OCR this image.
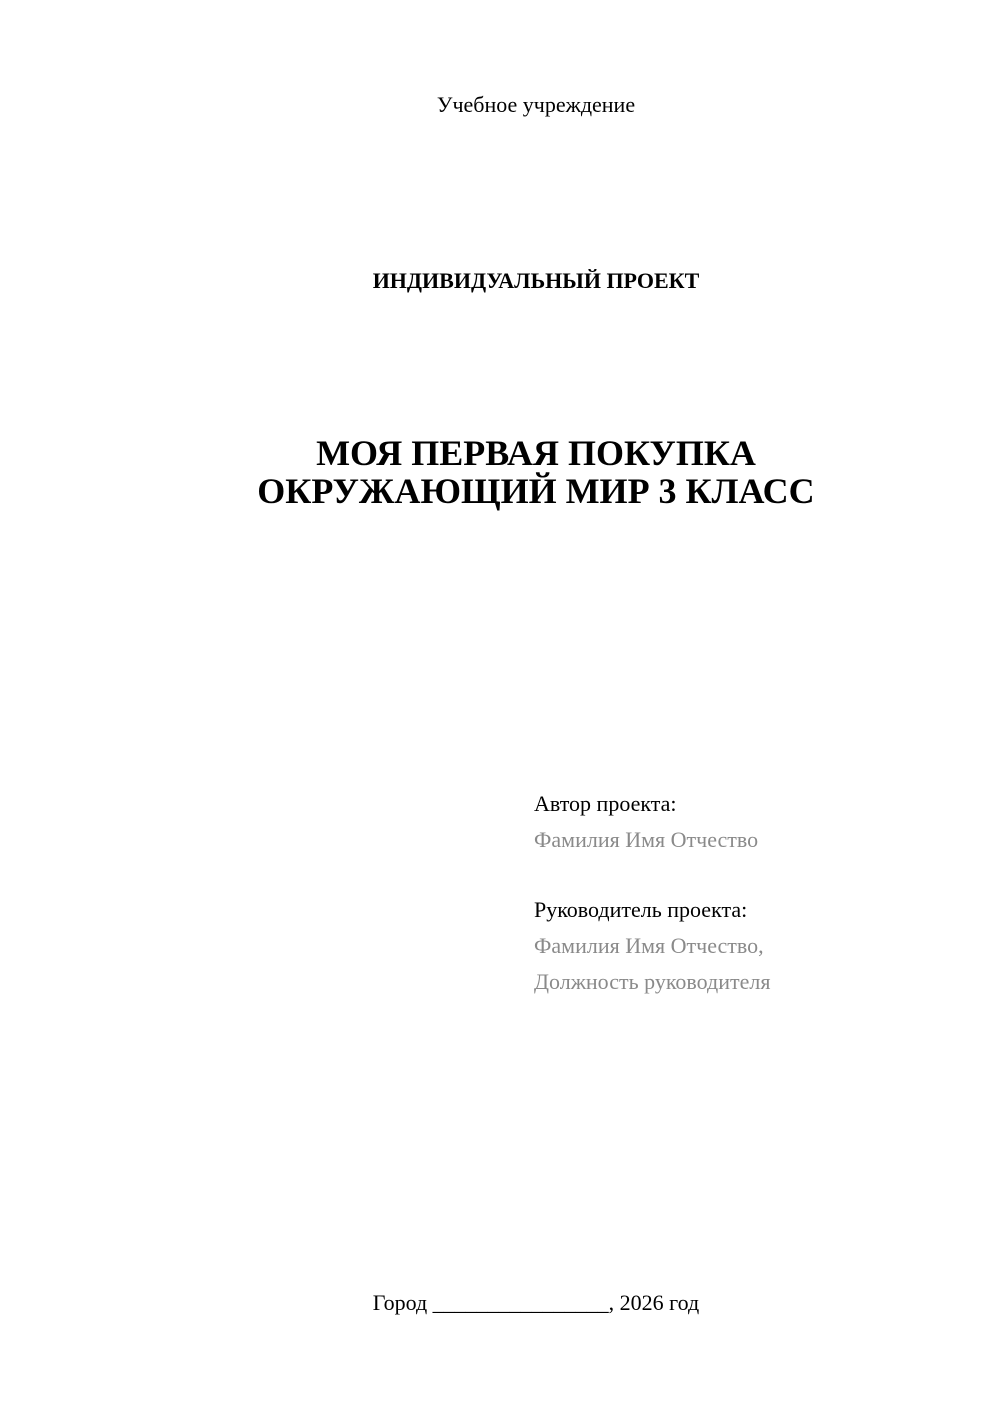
Учебное учреждение
ИНДИВИДУАЛЬНЫЙ ПРОЕКТ
МОЯ ПЕРВАЯ ПОКУПКА
ОКРУЖАЮЩИЙ МИР 3 КЛАСС
Автор проекта:
Фамилия Имя Отчество
Руководитель проекта:
Фамилия Имя Отчество,
Должность руководителя
Город ________________, 2026 год
